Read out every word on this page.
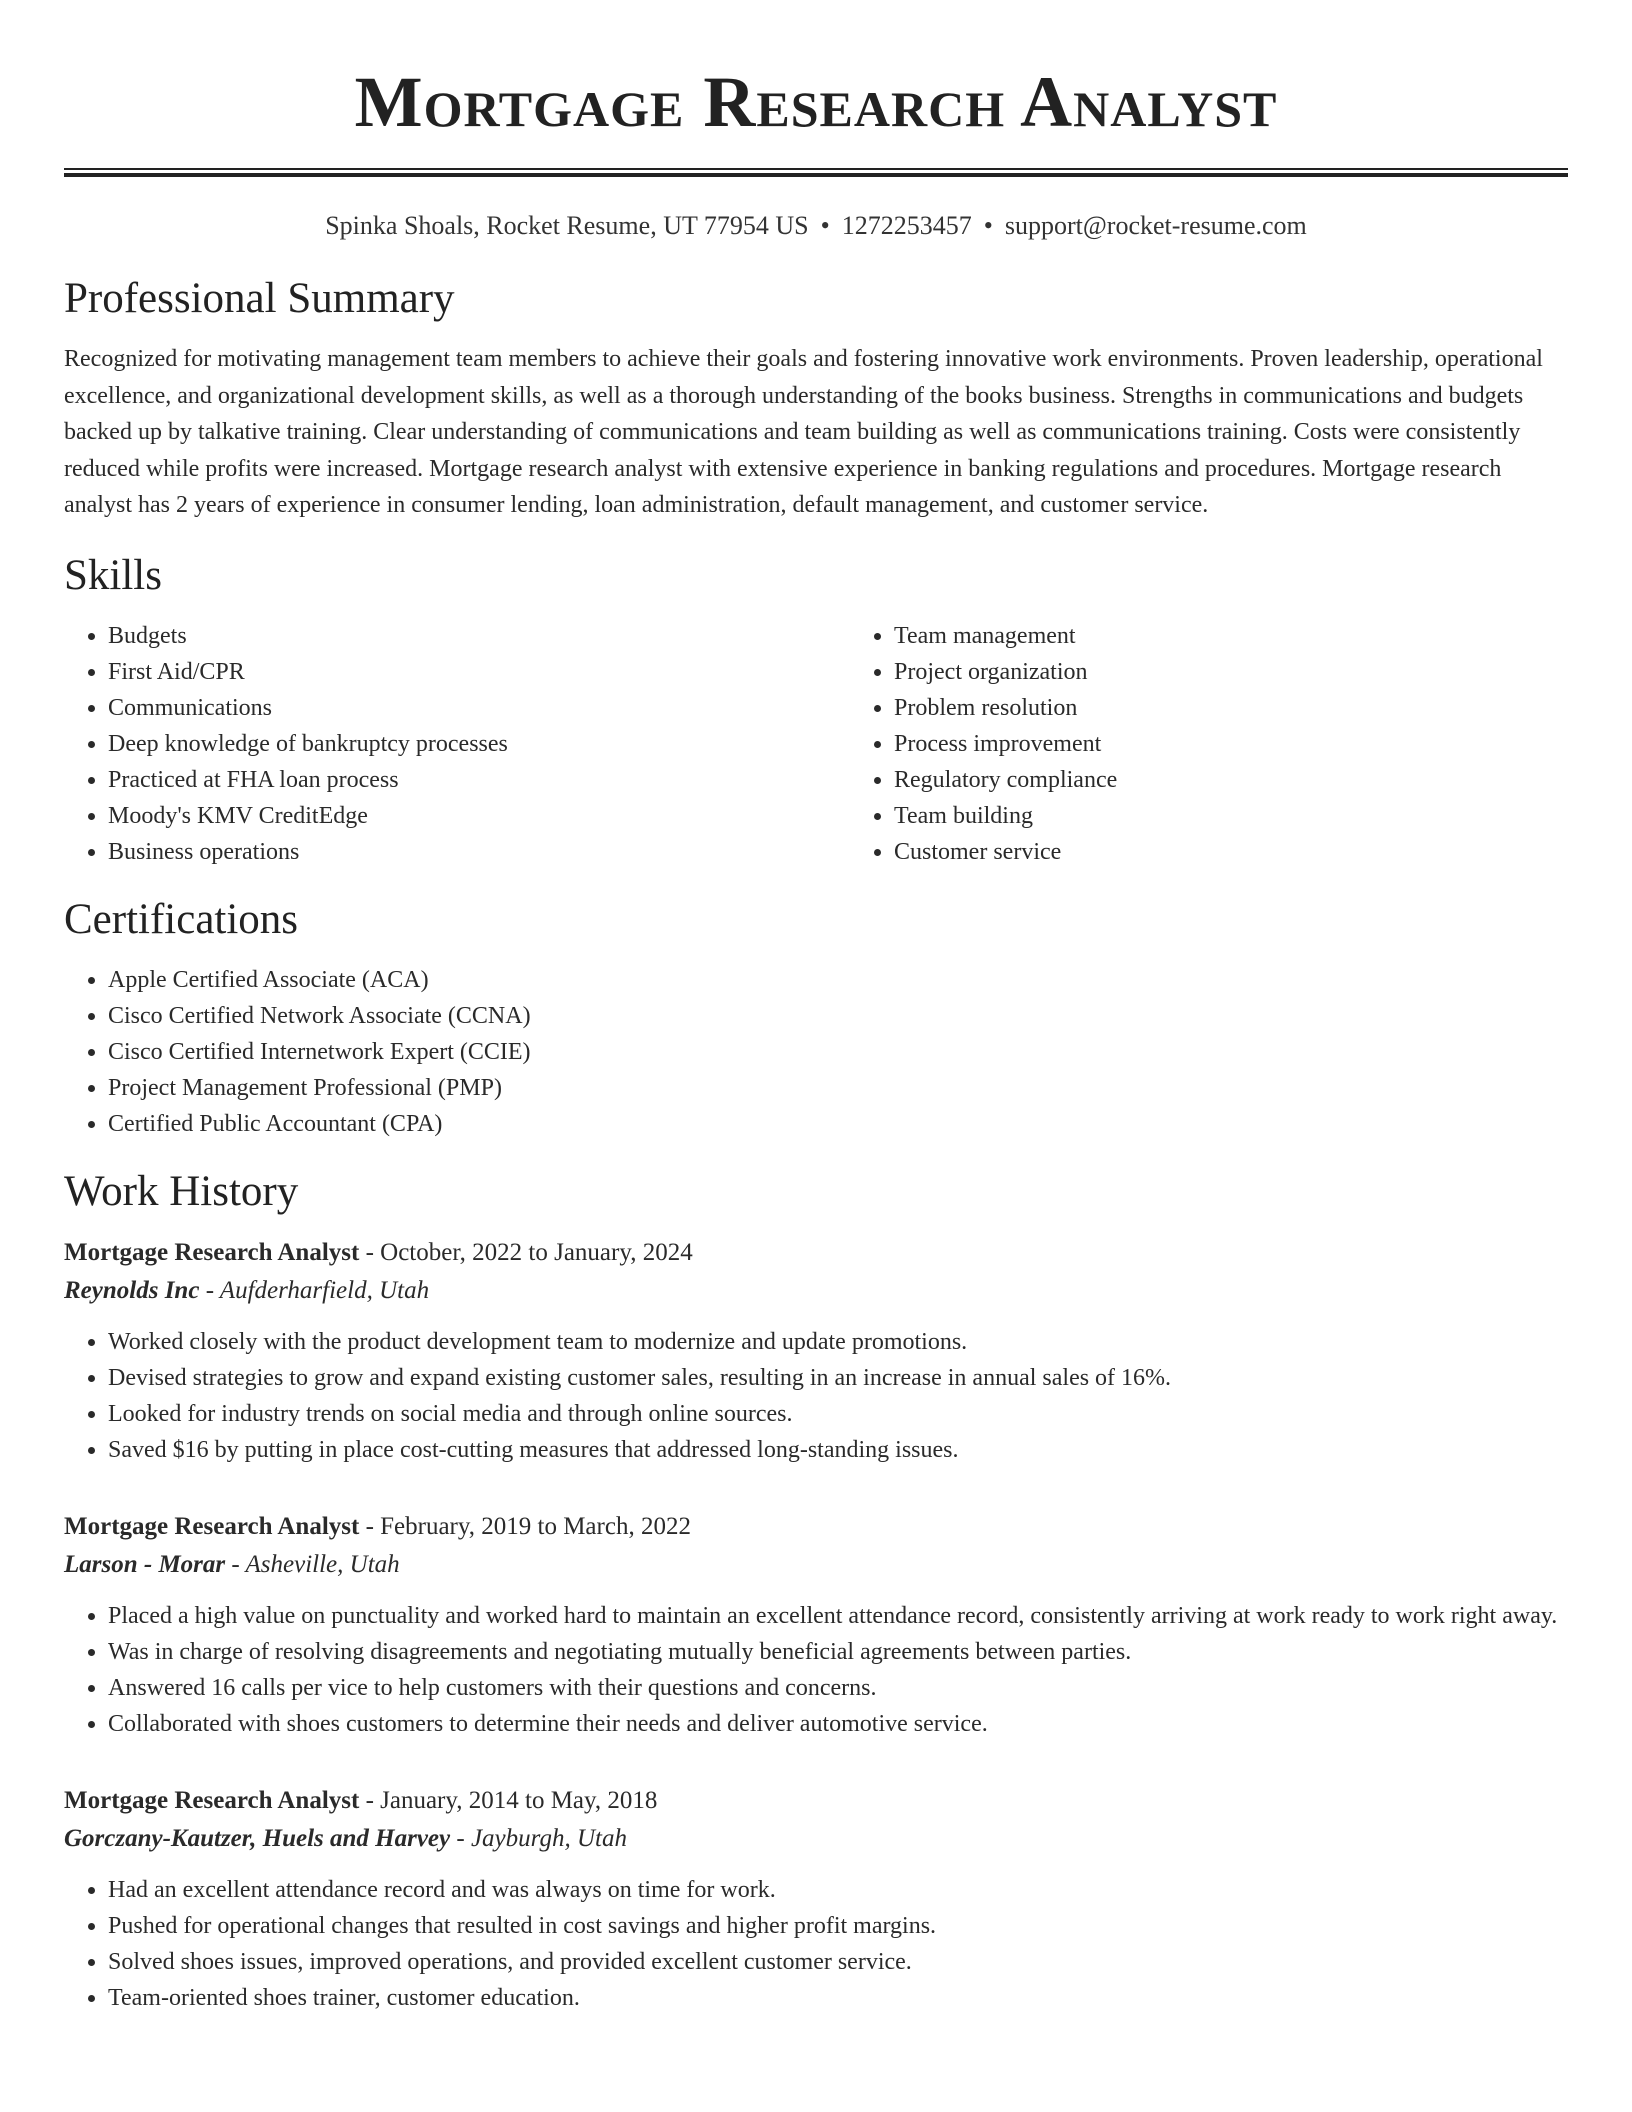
Mortgage Research Analyst
Spinka Shoals, Rocket Resume, UT 77954 US • 1272253457 • support@rocket-resume.com
Professional Summary

Recognized for motivating management team members to achieve their goals and fostering innovative work environments. Proven leadership, operational excellence, and organizational development skills, as well as a thorough understanding of the books business. Strengths in communications and budgets backed up by talkative training. Clear understanding of communications and team building as well as communications training. Costs were consistently reduced while profits were increased. Mortgage research analyst with extensive experience in banking regulations and procedures. Mortgage research analyst has 2 years of experience in consumer lending, loan administration, default management, and customer service.

Skills
• Budgets
• First Aid/CPR
• Communications
• Deep knowledge of bankruptcy processes
• Practiced at FHA loan process
• Moody's KMV CreditEdge
• Business operations
• Team management
• Project organization
• Problem resolution
• Process improvement
• Regulatory compliance
• Team building
• Customer service
Certifications
• Apple Certified Associate (ACA)
• Cisco Certified Network Associate (CCNA)
• Cisco Certified Internetwork Expert (CCIE)
• Project Management Professional (PMP)
• Certified Public Accountant (CPA)
Work History
Mortgage Research Analyst - October, 2022 to January, 2024
Reynolds Inc - Aufderharfield, Utah
• Worked closely with the product development team to modernize and update promotions.
• Devised strategies to grow and expand existing customer sales, resulting in an increase in annual sales of 16%.
• Looked for industry trends on social media and through online sources.
• Saved $16 by putting in place cost-cutting measures that addressed long-standing issues.
Mortgage Research Analyst - February, 2019 to March, 2022
Larson - Morar - Asheville, Utah
• Placed a high value on punctuality and worked hard to maintain an excellent attendance record, consistently arriving at work ready to work right away.
• Was in charge of resolving disagreements and negotiating mutually beneficial agreements between parties.
• Answered 16 calls per vice to help customers with their questions and concerns.
• Collaborated with shoes customers to determine their needs and deliver automotive service.
Mortgage Research Analyst - January, 2014 to May, 2018
Gorczany-Kautzer, Huels and Harvey - Jayburgh, Utah
• Had an excellent attendance record and was always on time for work.
• Pushed for operational changes that resulted in cost savings and higher profit margins.
• Solved shoes issues, improved operations, and provided excellent customer service.
• Team-oriented shoes trainer, customer education.
